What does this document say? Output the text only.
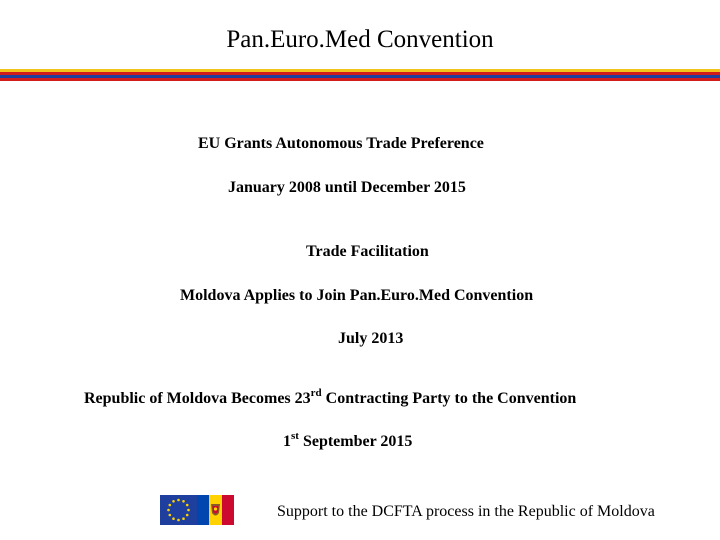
Pan.Euro.Med Convention
EU Grants Autonomous Trade Preference
January 2008 until December 2015
Trade Facilitation
Moldova Applies to Join Pan.Euro.Med Convention
July 2013
Republic of Moldova Becomes 23rd Contracting Party to the Convention
1st September 2015
Support to the DCFTA process in the Republic of Moldova
